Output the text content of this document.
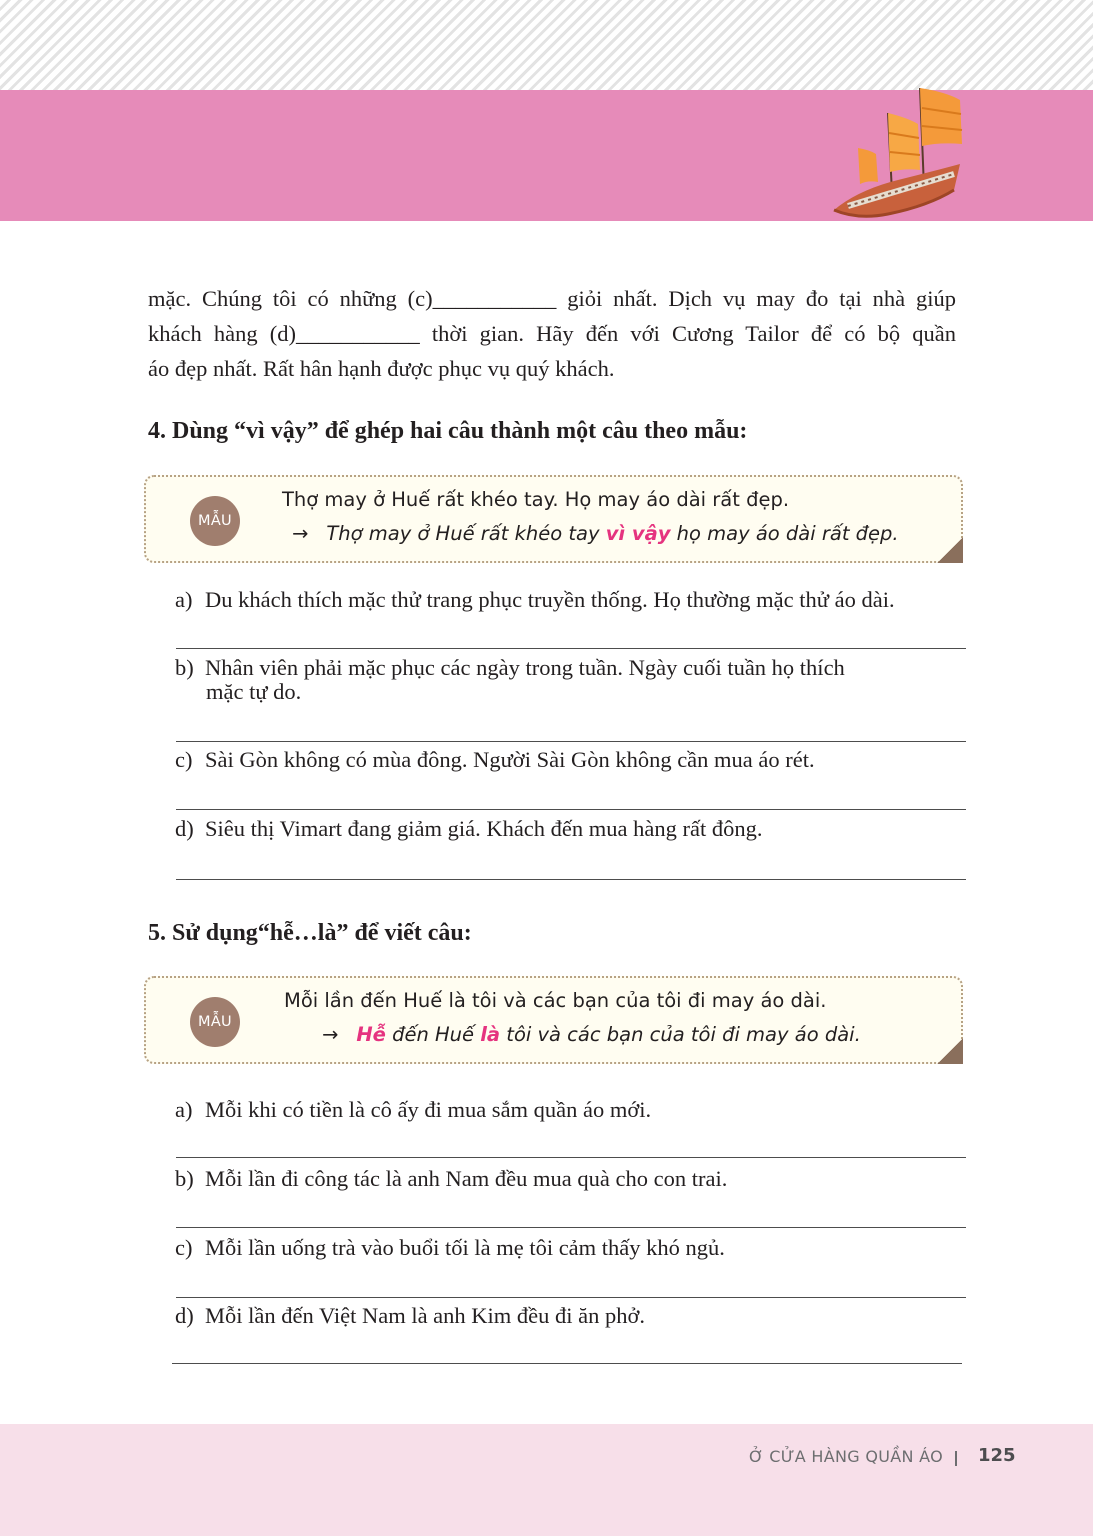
mặc. Chúng tôi có những (c)___________ giỏi nhất. Dịch vụ may đo tại nhà giúp

khách hàng (d)___________ thời gian. Hãy đến với Cương Tailor để có bộ quần

áo đẹp nhất. Rất hân hạnh được phục vụ quý khách.

4. Dùng “vì vậy” để ghép hai câu thành một câu theo mẫu:
MẪU
Thợ may ở Huế rất khéo tay. Họ may áo dài rất đẹp.
→ Thợ may ở Huế rất khéo tay vì vậy họ may áo dài rất đẹp.
a) Du khách thích mặc thử trang phục truyền thống. Họ thường mặc thử áo dài.
b) Nhân viên phải mặc phục các ngày trong tuần. Ngày cuối tuần họ thích
mặc tự do.
c) Sài Gòn không có mùa đông. Người Sài Gòn không cần mua áo rét.
d) Siêu thị Vimart đang giảm giá. Khách đến mua hàng rất đông.
5. Sử dụng“hễ…là” để viết câu:
MẪU
Mỗi lần đến Huế là tôi và các bạn của tôi đi may áo dài.
→ Hễ đến Huế là tôi và các bạn của tôi đi may áo dài.
a) Mỗi khi có tiền là cô ấy đi mua sắm quần áo mới.
b) Mỗi lần đi công tác là anh Nam đều mua quà cho con trai.
c) Mỗi lần uống trà vào buổi tối là mẹ tôi cảm thấy khó ngủ.
d) Mỗi lần đến Việt Nam là anh Kim đều đi ăn phở.
Ở CỬA HÀNG QUẦN ÁO 125
